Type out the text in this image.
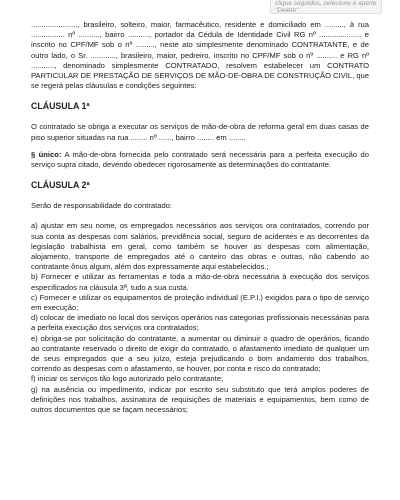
clique seguidos, selecione e aperte "Delete"

......................, brasileiro, solteiro, maior, farmacêutico, residente e domiciliado em ........., à rua ................ nº .........., bairro .........., portador da Cédula de Identidade Civil RG nº .................... e inscrito no CPF/MF sob o nº ........., neste ato simplesmente denominado CONTRATANTE, e de outro lado, o Sr. ............, brasileiro, maior, pedreiro, inscrito no CPF/MF sob o nº .......... e RG nº ..........., denominado simplesmente CONTRATADO, resolvem estabelecer um CONTRATO PARTICULAR DE PRESTAÇÃO DE SERVIÇOS DE MÃO-DE-OBRA DE CONSTRUÇÃO CIVIL, que se regerá pelas cláusulas e condições seguintes:

CLÁUSULA 1ª

O contratado se obriga a executar os serviços de mão-de-obra de reforma geral em duas casas de piso superior situadas na rua ........ nº ......, bairro ........ em ........

§ único: A mão-de-obra fornecida pelo contratado será necessária para a perfeita execução do serviço supra citado, devendo obedecer rigorosamente as determinações do contratante.

CLÁUSULA 2ª

Serão de responsabilidade do contratado:

a) ajustar em seu nome, os empregados necessários aos serviços ora contratados, correndo por sua conta as despesas com salários, previdência social, seguro de acidentes e as decorrentes da legislação trabalhista em geral, como também se houver as despesas com alimentação, alojamento, transporte de empregados até o canteiro das obras e outras, não cabendo ao contratante ônus algum, além dos expressamente aqui estabelecidos.;

b) Fornecer e utilizar as ferramentas e toda a mão-de-obra necessária à execução dos serviços especificados na cláusula 3ª, tudo a sua custa.

c) Fornecer e utilizar os equipamentos de proteção individual (E.P.I.) exigidos para o tipo de serviço em execução;

d) colocar de imediato no local dos serviços operários nas categorias profissionais necessárias para a perfeita execução dos serviços ora contratados;

e) obriga-se por solicitação do contratante, a aumentar ou diminuir o quadro de operários, ficando ao contratante reservado o direito de exigir do contratado, o afastamento imediato de qualquer um de seus empregados que a seu juízo, esteja prejudicando o bom andamento dos trabalhos, correndo as despesas com o afastamento, se houver, por conta e risco do contratado;

f) iniciar os serviços tão logo autorizado pelo contratante;

g) na ausência ou impedimento, indicar por escrito seu substituto que terá amplos poderes de definições nos trabalhos, assinatura de requisições de materiais e equipamentos, bem como de outros documentos que se façam necessários;
